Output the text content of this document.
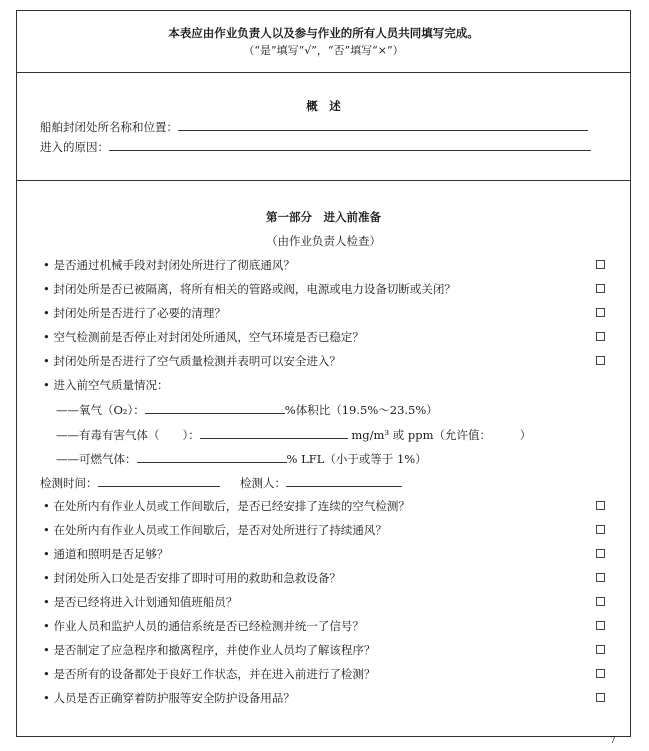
本表应由作业负责人以及参与作业的所有人员共同填写完成。
（“是”填写“√”，“否”填写“×”）
概　述
船舶封闭处所名称和位置：
进入的原因：
第一部分　进入前准备
（由作业负责人检查）
• 是否通过机械手段对封闭处所进行了彻底通风？
• 封闭处所是否已被隔离，将所有相关的管路或阀，电源或电力设备切断或关闭？
• 封闭处所是否进行了必要的清理？
• 空气检测前是否停止对封闭处所通风，空气环境是否已稳定？
• 封闭处所是否进行了空气质量检测并表明可以安全进入？
• 进入前空气质量情况：
——氧气（O₂）：	%体积比（19.5%～23.5%）
——有毒有害气体（　　）：	mg/m³ 或 ppm（允许值：　　　）
——可燃气体：	% LFL（小于或等于 1%）
检测时间：	检测人：
• 在处所内有作业人员或工作间歇后，是否已经安排了连续的空气检测？
• 在处所内有作业人员或工作间歇后，是否对处所进行了持续通风？
• 通道和照明是否足够？
• 封闭处所入口处是否安排了即时可用的救助和急救设备？
• 是否已经将进入计划通知值班船员？
• 作业人员和监护人员的通信系统是否已经检测并统一了信号？
• 是否制定了应急程序和撤离程序，并使作业人员均了解该程序？
• 是否所有的设备都处于良好工作状态，并在进入前进行了检测？
• 人员是否正确穿着防护服等安全防护设备用品？
7
